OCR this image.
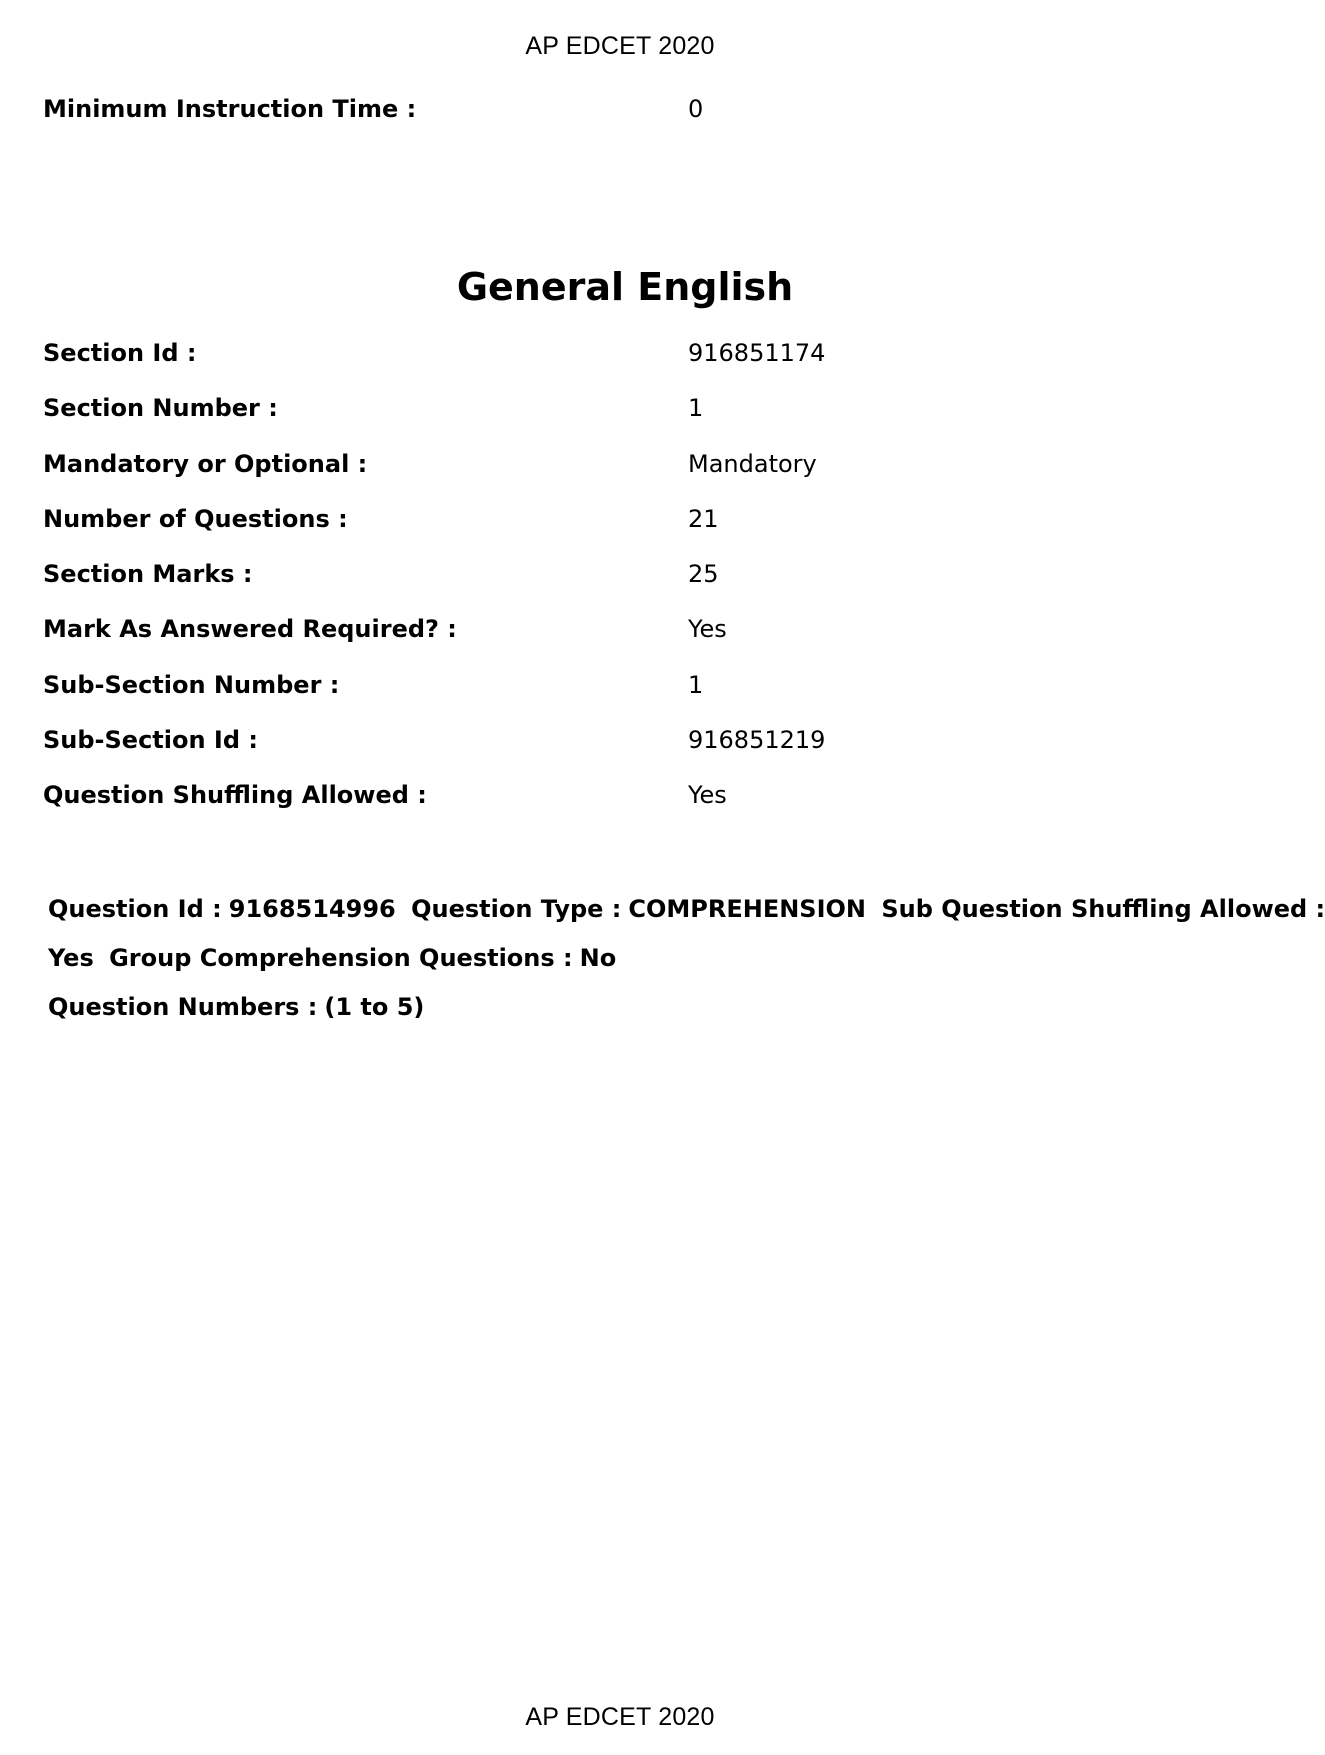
AP EDCET 2020
Minimum Instruction Time :	0
General English
Section Id :	916851174
Section Number :	1
Mandatory or Optional :	Mandatory
Number of Questions :	21
Section Marks :	25
Mark As Answered Required? :	Yes
Sub-Section Number :	1
Sub-Section Id :	916851219
Question Shuffling Allowed :	Yes
Question Id : 9168514996 Question Type : COMPREHENSION Sub Question Shuffling Allowed :
Yes Group Comprehension Questions : No
Question Numbers : (1 to 5)
AP EDCET 2020
